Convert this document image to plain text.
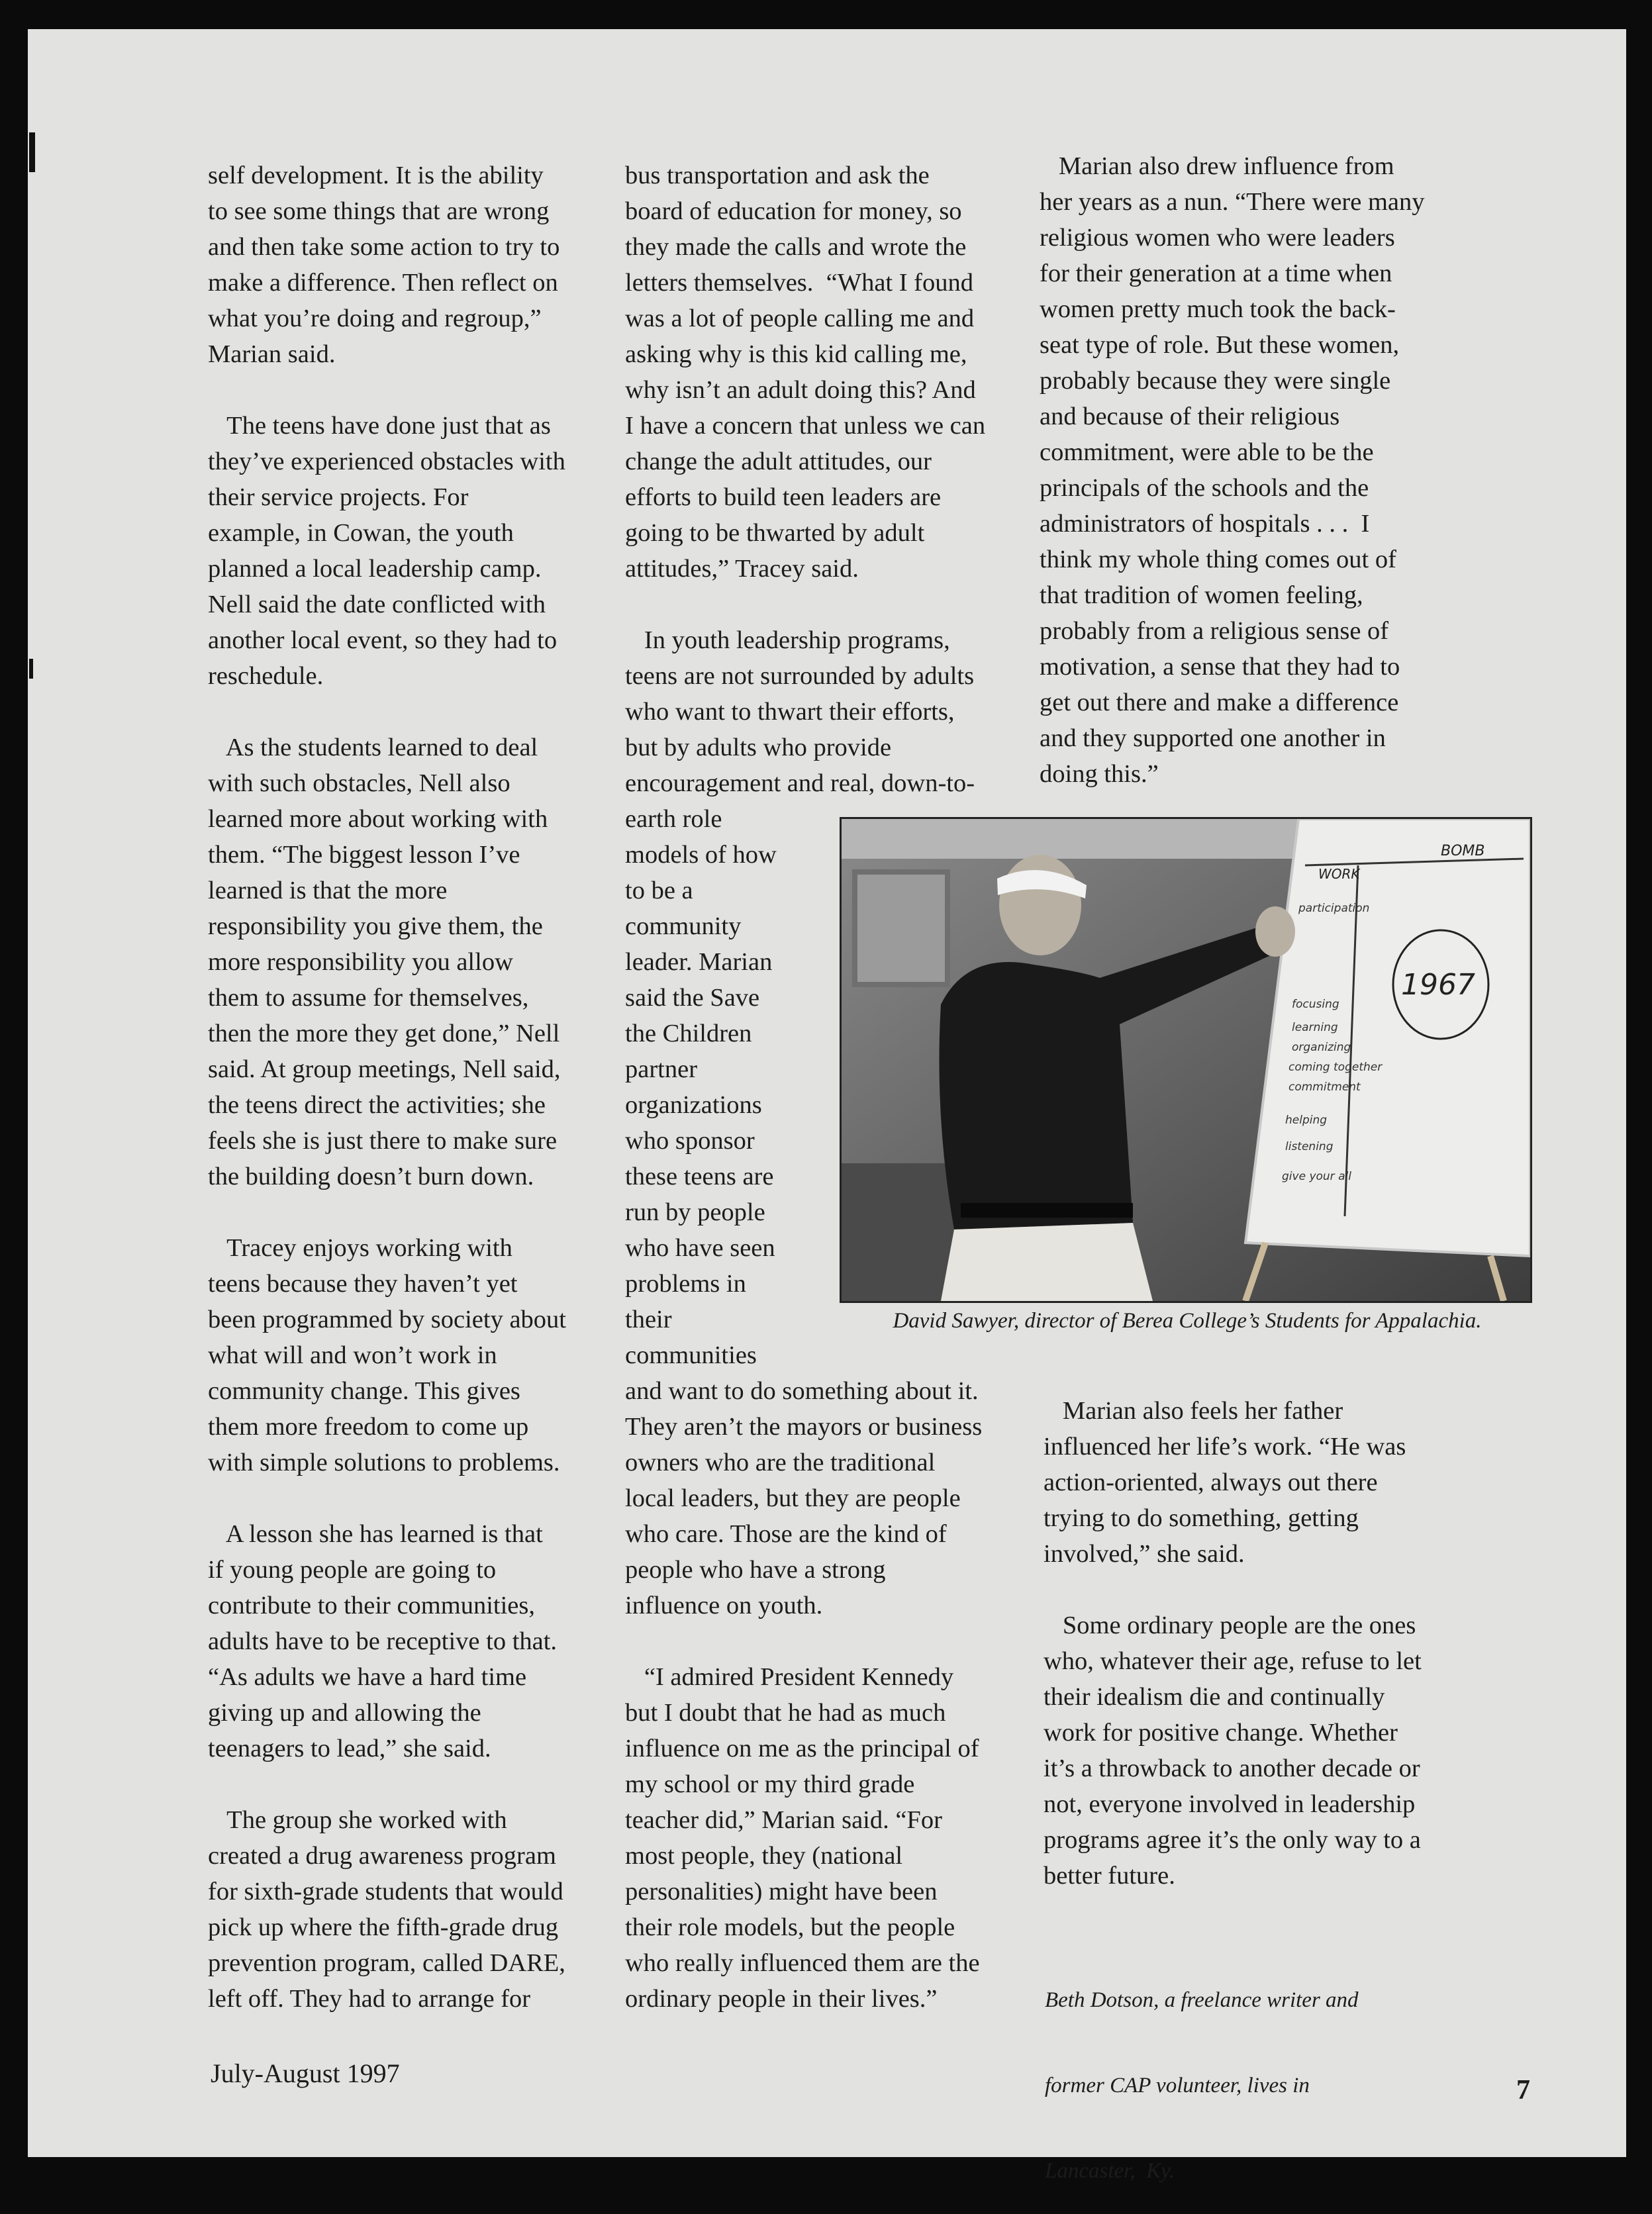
self development. It is the ability
to see some things that are wrong
and then take some action to try to
make a difference. Then reflect on
what you’re doing and regroup,”
Marian said.
The teens have done just that as
they’ve experienced obstacles with
their service projects. For
example, in Cowan, the youth
planned a local leadership camp.
Nell said the date conflicted with
another local event, so they had to
reschedule.
As the students learned to deal
with such obstacles, Nell also
learned more about working with
them. “The biggest lesson I’ve
learned is that the more
responsibility you give them, the
more responsibility you allow
them to assume for themselves,
then the more they get done,” Nell
said. At group meetings, Nell said,
the teens direct the activities; she
feels she is just there to make sure
the building doesn’t burn down.
Tracey enjoys working with
teens because they haven’t yet
been programmed by society about
what will and won’t work in
community change. This gives
them more freedom to come up
with simple solutions to problems.
A lesson she has learned is that
if young people are going to
contribute to their communities,
adults have to be receptive to that.
“As adults we have a hard time
giving up and allowing the
teenagers to lead,” she said.
The group she worked with
created a drug awareness program
for sixth-grade students that would
pick up where the fifth-grade drug
prevention program, called DARE,
left off. They had to arrange for
bus transportation and ask the
board of education for money, so
they made the calls and wrote the
letters themselves.  “What I found
was a lot of people calling me and
asking why is this kid calling me,
why isn’t an adult doing this? And
I have a concern that unless we can
change the adult attitudes, our
efforts to build teen leaders are
going to be thwarted by adult
attitudes,” Tracey said.
In youth leadership programs,
teens are not surrounded by adults
who want to thwart their efforts,
but by adults who provide
encouragement and real, down-to-
earth role
models of how
to be a
community
leader. Marian
said the Save
the Children
partner
organizations
who sponsor
these teens are
run by people
who have seen
problems in
their
communities
and want to do something about it.
They aren’t the mayors or business
owners who are the traditional
local leaders, but they are people
who care. Those are the kind of
people who have a strong
influence on youth.
“I admired President Kennedy
but I doubt that he had as much
influence on me as the principal of
my school or my third grade
teacher did,” Marian said. “For
most people, they (national
personalities) might have been
their role models, but the people
who really influenced them are the
ordinary people in their lives.”
Marian also drew influence from
her years as a nun. “There were many
religious women who were leaders
for their generation at a time when
women pretty much took the back-
seat type of role. But these women,
probably because they were single
and because of their religious
commitment, were able to be the
principals of the schools and the
administrators of hospitals . . .  I
think my whole thing comes out of
that tradition of women feeling,
probably from a religious sense of
motivation, a sense that they had to
get out there and make a difference
and they supported one another in
doing this.”
WORK
BOMB
1967
participation
focusing
learning
organizing
coming together
commitment
helping
listening
give your all
David Sawyer, director of Berea College’s Students for Appalachia.
Marian also feels her father
influenced her life’s work. “He was
action-oriented, always out there
trying to do something, getting
involved,” she said.
Some ordinary people are the ones
who, whatever their age, refuse to let
their idealism die and continually
work for positive change. Whether
it’s a throwback to another decade or
not, everyone involved in leadership
programs agree it’s the only way to a
better future.

Beth Dotson, a freelance writer and

former CAP volunteer, lives in

Lancaster,  Ky.

July-August 1997
7
